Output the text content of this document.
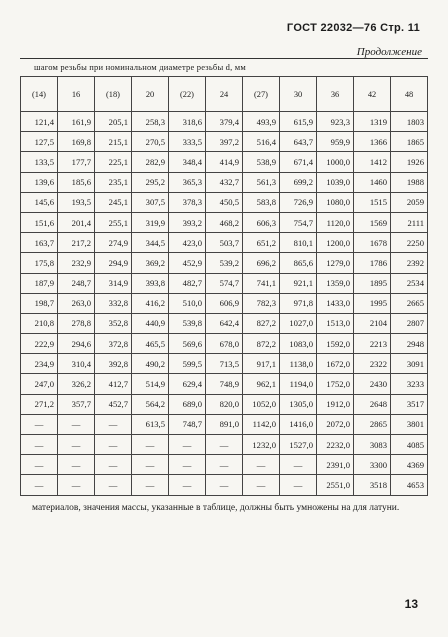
ГОСТ 22032—76 Стр. 11
Продолжение
шагом резьбы при номинальном диаметре резьбы d, мм
(14)	16	(18)	20	(22)	24	(27)	30	36	42	48
121,4	161,9	205,1	258,3	318,6	379,4	493,9	615,9	923,3	1319	1803
127,5	169,8	215,1	270,5	333,5	397,2	516,4	643,7	959,9	1366	1865
133,5	177,7	225,1	282,9	348,4	414,9	538,9	671,4	1000,0	1412	1926
139,6	185,6	235,1	295,2	365,3	432,7	561,3	699,2	1039,0	1460	1988
145,6	193,5	245,1	307,5	378,3	450,5	583,8	726,9	1080,0	1515	2059
151,6	201,4	255,1	319,9	393,2	468,2	606,3	754,7	1120,0	1569	2111
163,7	217,2	274,9	344,5	423,0	503,7	651,2	810,1	1200,0	1678	2250
175,8	232,9	294,9	369,2	452,9	539,2	696,2	865,6	1279,0	1786	2392
187,9	248,7	314,9	393,8	482,7	574,7	741,1	921,1	1359,0	1895	2534
198,7	263,0	332,8	416,2	510,0	606,9	782,3	971,8	1433,0	1995	2665
210,8	278,8	352,8	440,9	539,8	642,4	827,2	1027,0	1513,0	2104	2807
222,9	294,6	372,8	465,5	569,6	678,0	872,2	1083,0	1592,0	2213	2948
234,9	310,4	392,8	490,2	599,5	713,5	917,1	1138,0	1672,0	2322	3091
247,0	326,2	412,7	514,9	629,4	748,9	962,1	1194,0	1752,0	2430	3233
271,2	357,7	452,7	564,2	689,0	820,0	1052,0	1305,0	1912,0	2648	3517
—	—	—	613,5	748,7	891,0	1142,0	1416,0	2072,0	2865	3801
—	—	—	—	—	—	1232,0	1527,0	2232,0	3083	4085
—	—	—	—	—	—	—	—	2391,0	3300	4369
—	—	—	—	—	—	—	—	2551,0	3518	4653
материалов, значения массы, указанные в таблице, должны быть умножены на для латуни.
13
